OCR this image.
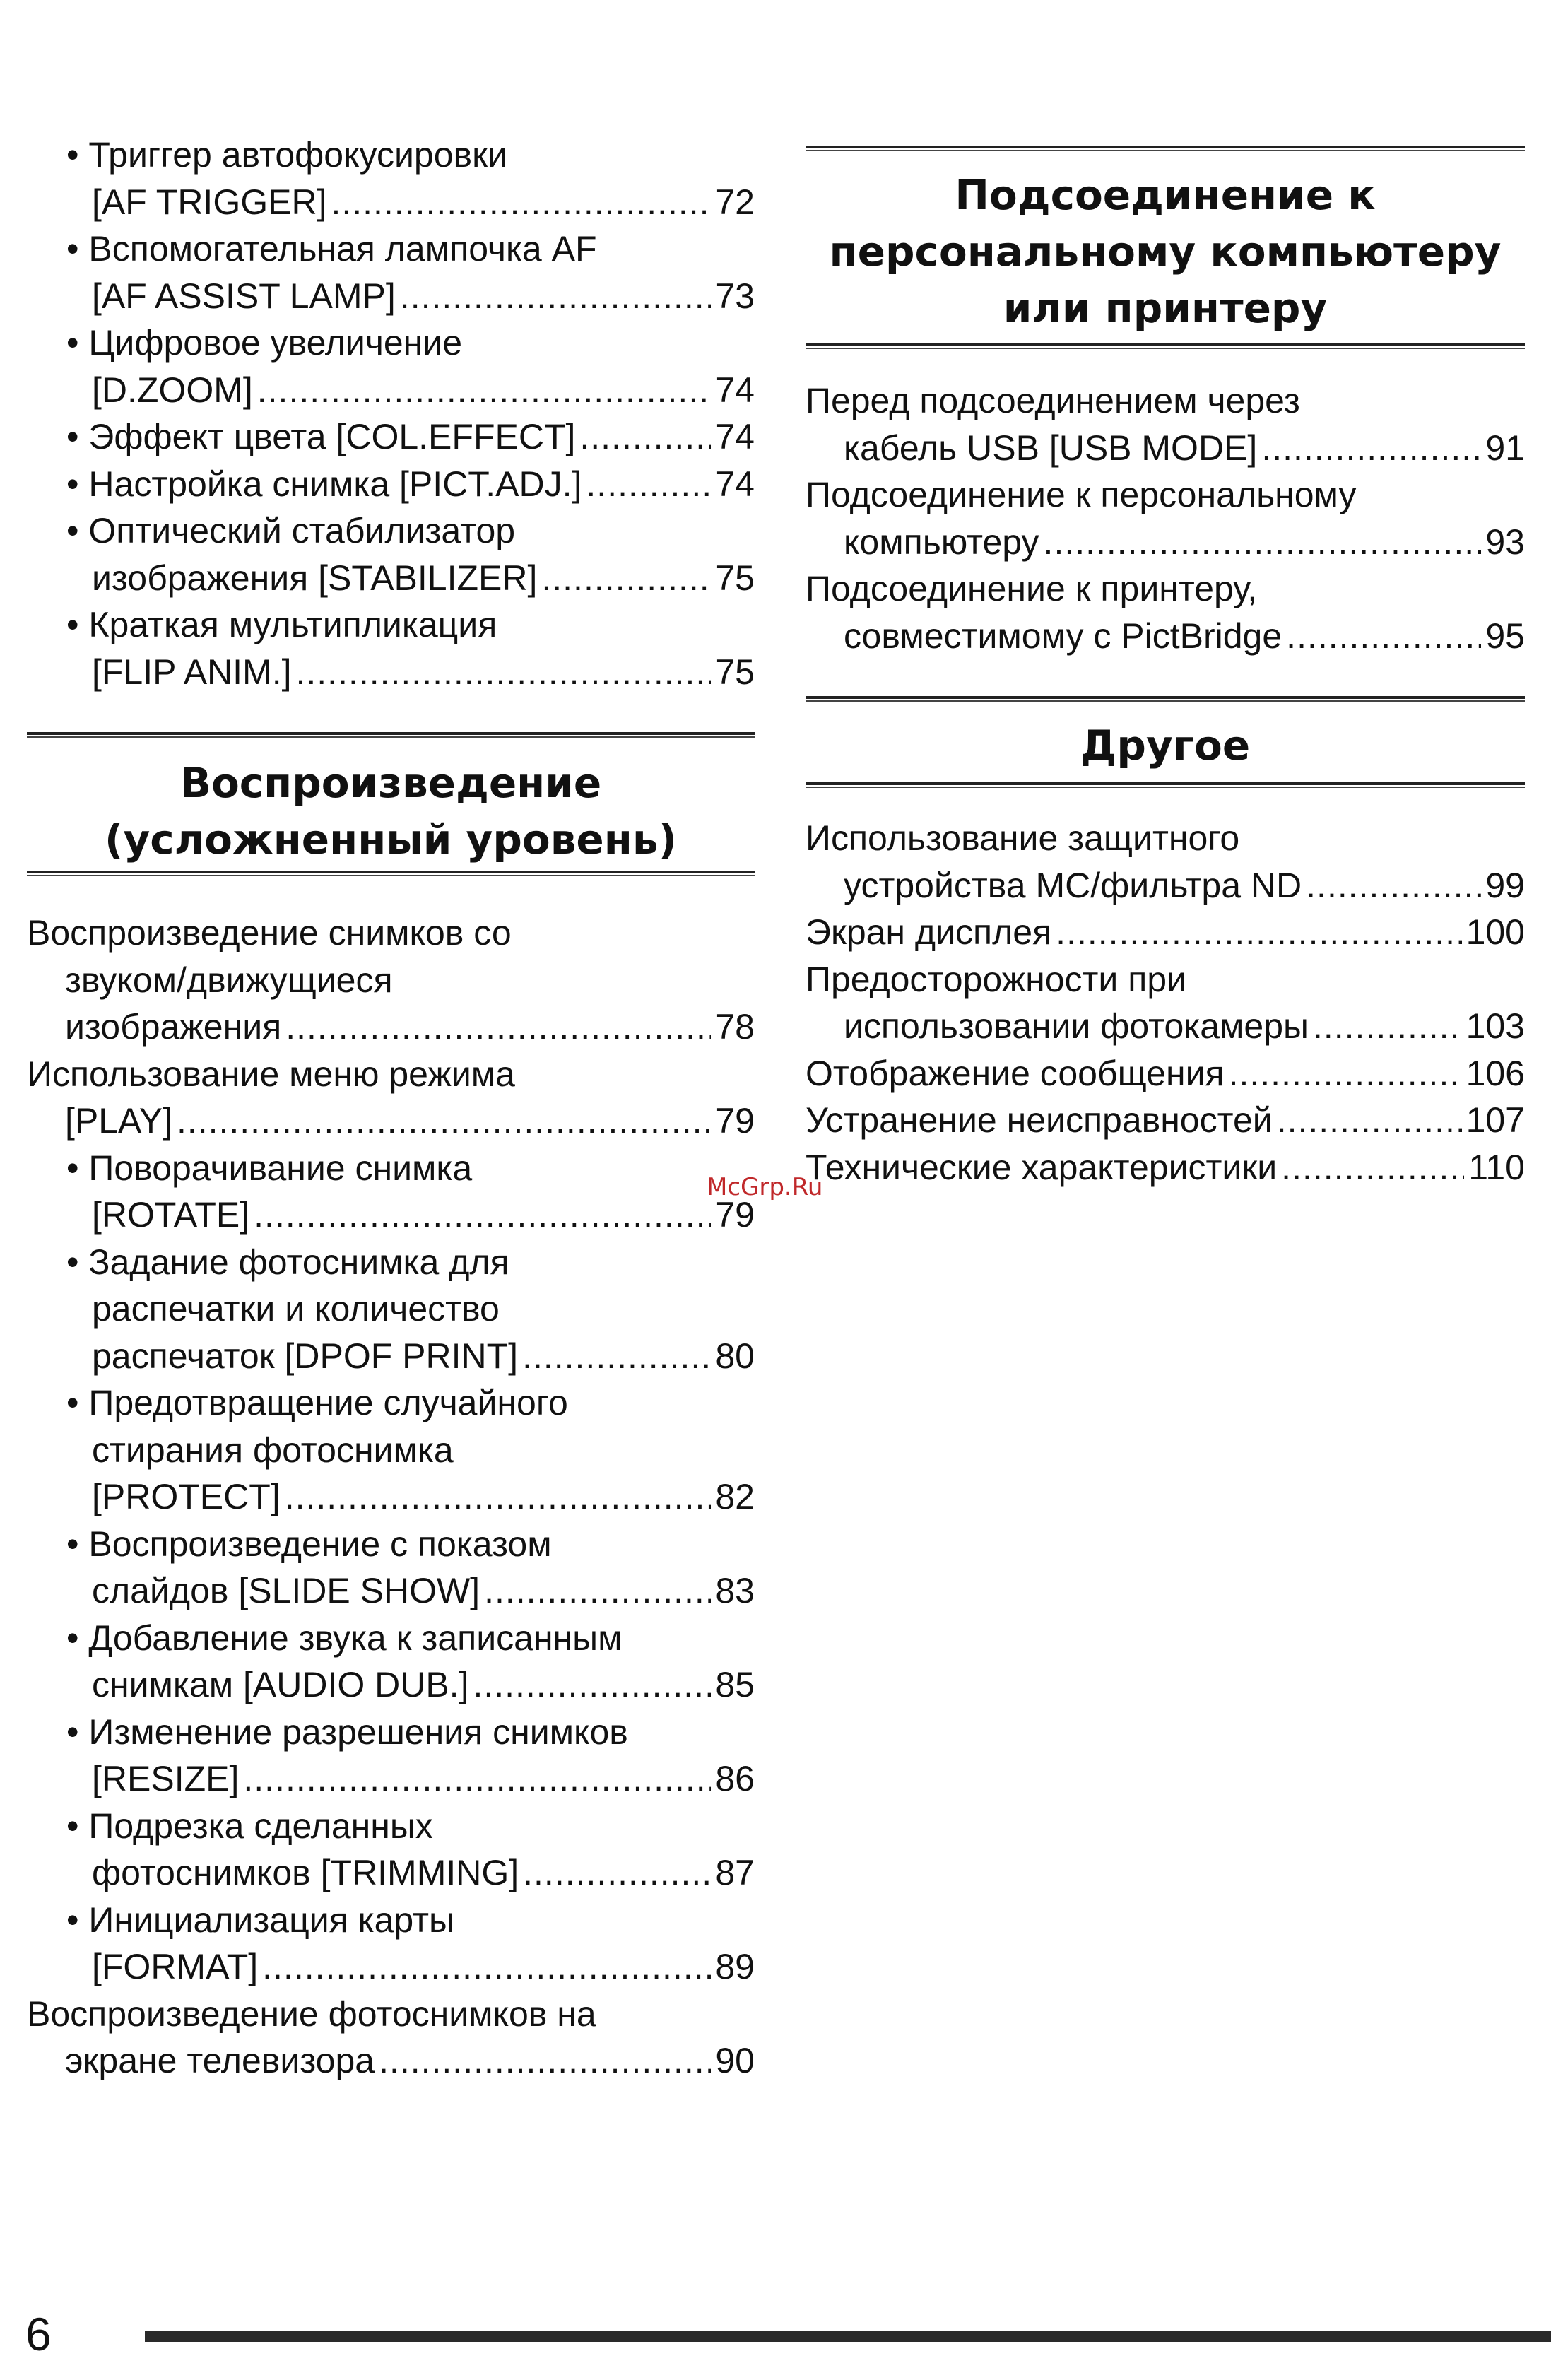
• Триггер автофокусировки
[AF TRIGGER] .....	72
• Вспомогательная лампочка AF
[AF ASSIST LAMP] .....	73
• Цифровое увеличение
[D.ZOOM] .....	74
• Эффект цвета [COL.EFFECT] .....	74
• Настройка снимка [PICT.ADJ.] .....	74
• Оптический стабилизатор
изображения [STABILIZER] .....	75
• Краткая мультипликация
[FLIP ANIM.] .....	75
Воспроизведение
(усложненный уровень)
Воспроизведение снимков со
звуком/движущиеся
изображения .....	78
Использование меню режима
[PLAY] .....	79
• Поворачивание снимка
[ROTATE] .....	79
• Задание фотоснимка для
распечатки и количество
распечаток [DPOF PRINT] .....	80
• Предотвращение случайного
стирания фотоснимка
[PROTECT] .....	82
• Воспроизведение с показом
слайдов [SLIDE SHOW] .....	83
• Добавление звука к записанным
снимкам [AUDIO DUB.] .....	85
• Изменение разрешения снимков
[RESIZE] .....	86
• Подрезка сделанных
фотоснимков [TRIMMING] .....	87
• Инициализация карты
[FORMAT] .....	89
Воспроизведение фотоснимков на
экране телевизора .....	90
Подсоединение к
персональному компьютеру
или принтеру
Перед подсоединением через
кабель USB [USB MODE] .....	91
Подсоединение к персональному
компьютеру .....	93
Подсоединение к принтеру,
совместимому с PictBridge .....	95
Другое
Использование защитного
устройства MC/фильтра ND .....	99
Экран дисплея .....	100
Предосторожности при
использовании фотокамеры .....	103
Отображение сообщения .....	106
Устранение неисправностей .....	107
Технические характеристики .....	110
McGrp.Ru
6
